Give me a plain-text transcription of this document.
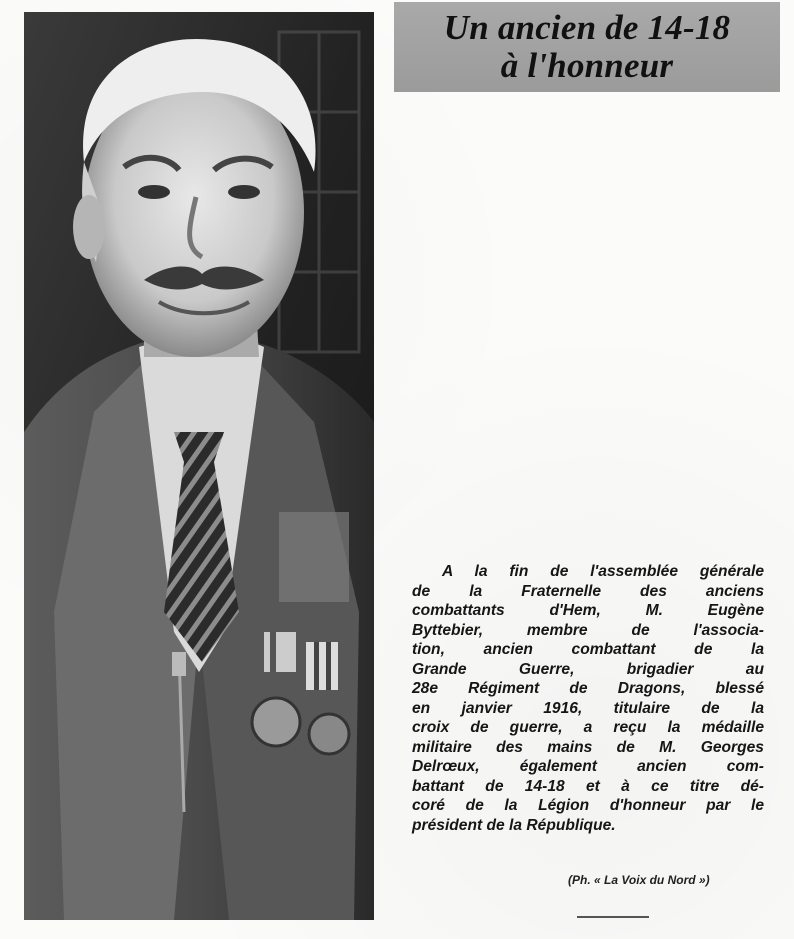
Un ancien de 14-18
à l'honneur
A la fin de l'assemblée générale
de la Fraternelle des anciens
combattants d'Hem, M. Eugène
Byttebier, membre de l'associa-
tion, ancien combattant de la
Grande Guerre, brigadier au
28e Régiment de Dragons, blessé
en janvier 1916, titulaire de la
croix de guerre, a reçu la médaille
militaire des mains de M. Georges
Delrœux, également ancien com-
battant de 14-18 et à ce titre dé-
coré de la Légion d'honneur par le
président de la République.
(Ph. « La Voix du Nord »)
